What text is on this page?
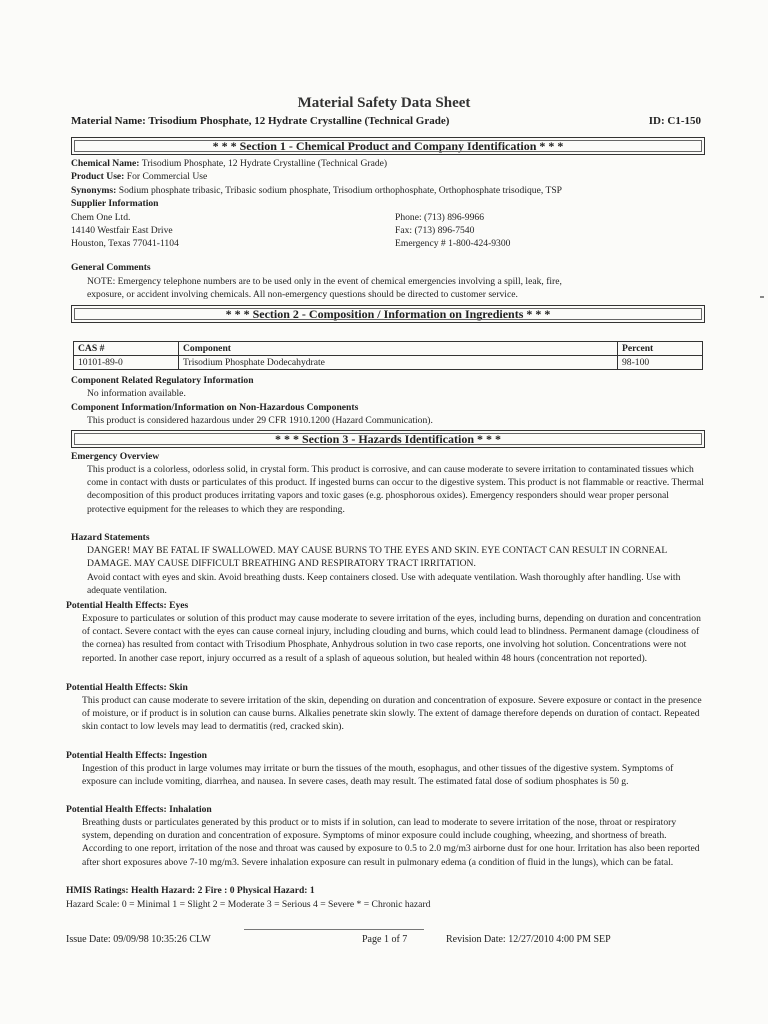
Material Safety Data Sheet
Material Name: Trisodium Phosphate, 12 Hydrate Crystalline (Technical Grade)	ID: C1-150
* * * Section 1 - Chemical Product and Company Identification * * *
Chemical Name: Trisodium Phosphate, 12 Hydrate Crystalline (Technical Grade)
Product Use: For Commercial Use
Synonyms: Sodium phosphate tribasic, Tribasic sodium phosphate, Trisodium orthophosphate, Orthophosphate trisodique, TSP
Supplier Information
Chem One Ltd.
14140 Westfair East Drive
Houston, Texas 77041-1104
Phone: (713) 896-9966
Fax: (713) 896-7540
Emergency # 1-800-424-9300
General Comments
NOTE: Emergency telephone numbers are to be used only in the event of chemical emergencies involving a spill, leak, fire,
exposure, or accident involving chemicals. All non-emergency questions should be directed to customer service.
* * * Section 2 - Composition / Information on Ingredients * * *
CAS #	Component	Percent
10101-89-0	Trisodium Phosphate Dodecahydrate	98-100
Component Related Regulatory Information
No information available.
Component Information/Information on Non-Hazardous Components
This product is considered hazardous under 29 CFR 1910.1200 (Hazard Communication).
* * * Section 3 - Hazards Identification * * *
Emergency Overview
This product is a colorless, odorless solid, in crystal form. This product is corrosive, and can cause moderate to severe irritation to contaminated tissues which come in contact with dusts or particulates of this product. If ingested burns can occur to the digestive system. This product is not flammable or reactive. Thermal decomposition of this product produces irritating vapors and toxic gases (e.g. phosphorous oxides). Emergency responders should wear proper personal protective equipment for the releases to which they are responding.
Hazard Statements
DANGER! MAY BE FATAL IF SWALLOWED. MAY CAUSE BURNS TO THE EYES AND SKIN. EYE CONTACT CAN RESULT IN CORNEAL DAMAGE. MAY CAUSE DIFFICULT BREATHING AND RESPIRATORY TRACT IRRITATION.
Avoid contact with eyes and skin. Avoid breathing dusts. Keep containers closed. Use with adequate ventilation. Wash thoroughly after handling. Use with adequate ventilation.
Potential Health Effects: Eyes
Exposure to particulates or solution of this product may cause moderate to severe irritation of the eyes, including burns, depending on duration and concentration of contact. Severe contact with the eyes can cause corneal injury, including clouding and burns, which could lead to blindness. Permanent damage (cloudiness of the cornea) has resulted from contact with Trisodium Phosphate, Anhydrous solution in two case reports, one involving hot solution. Concentrations were not reported. In another case report, injury occurred as a result of a splash of aqueous solution, but healed within 48 hours (concentration not reported).
Potential Health Effects: Skin
This product can cause moderate to severe irritation of the skin, depending on duration and concentration of exposure. Severe exposure or contact in the presence of moisture, or if product is in solution can cause burns. Alkalies penetrate skin slowly. The extent of damage therefore depends on duration of contact. Repeated skin contact to low levels may lead to dermatitis (red, cracked skin).
Potential Health Effects: Ingestion
Ingestion of this product in large volumes may irritate or burn the tissues of the mouth, esophagus, and other tissues of the digestive system. Symptoms of exposure can include vomiting, diarrhea, and nausea. In severe cases, death may result. The estimated fatal dose of sodium phosphates is 50 g.
Potential Health Effects: Inhalation
Breathing dusts or particulates generated by this product or to mists if in solution, can lead to moderate to severe irritation of the nose, throat or respiratory system, depending on duration and concentration of exposure. Symptoms of minor exposure could include coughing, wheezing, and shortness of breath. According to one report, irritation of the nose and throat was caused by exposure to 0.5 to 2.0 mg/m3 airborne dust for one hour. Irritation has also been reported after short exposures above 7-10 mg/m3. Severe inhalation exposure can result in pulmonary edema (a condition of fluid in the lungs), which can be fatal.
HMIS Ratings: Health Hazard: 2 Fire : 0 Physical Hazard: 1
Hazard Scale: 0 = Minimal 1 = Slight 2 = Moderate 3 = Serious 4 = Severe * = Chronic hazard
Issue Date: 09/09/98 10:35:26 CLW	Page 1 of 7	Revision Date: 12/27/2010 4:00 PM SEP
